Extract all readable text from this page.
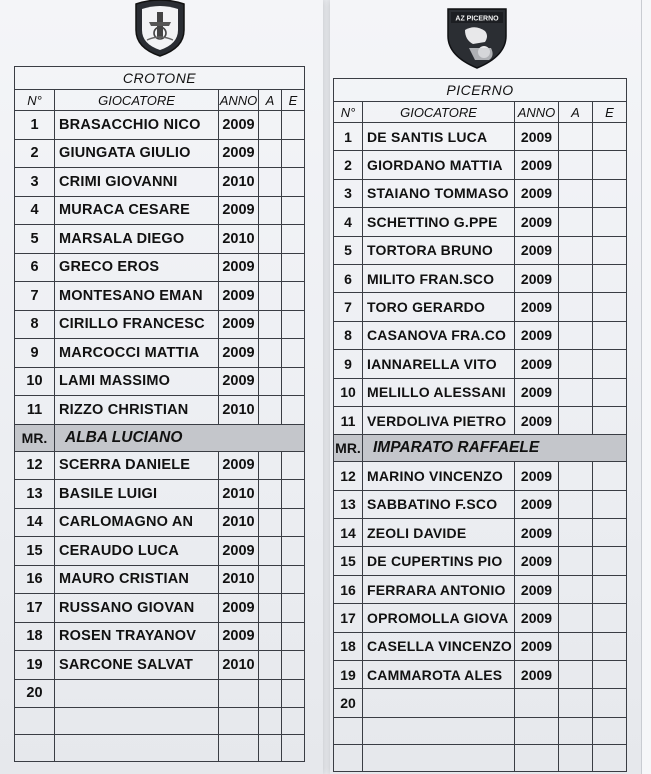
AZ PICERNO
CROTONE				
N°	GIOCATORE	ANNO	A	E
1	BRASACCHIO NICO	2009		
2	GIUNGATA GIULIO	2009		
3	CRIMI GIOVANNI	2010		
4	MURACA CESARE	2009		
5	MARSALA DIEGO	2010		
6	GRECO EROS	2009		
7	MONTESANO EMAN	2009		
8	CIRILLO FRANCESC	2009		
9	MARCOCCI MATTIA	2009		
10	LAMI MASSIMO	2009		
11	RIZZO CHRISTIAN	2010		
MR.	ALBA LUCIANO			
12	SCERRA DANIELE	2009		
13	BASILE LUIGI	2010		
14	CARLOMAGNO AN	2010		
15	CERAUDO LUCA	2009		
16	MAURO CRISTIAN	2010		
17	RUSSANO GIOVAN	2009		
18	ROSEN TRAYANOV	2009		
19	SARCONE SALVAT	2010		
20				

PICERNO				
N°	GIOCATORE	ANNO	A	E
1	DE SANTIS LUCA	2009		
2	GIORDANO MATTIA	2009		
3	STAIANO TOMMASO	2009		
4	SCHETTINO G.PPE	2009		
5	TORTORA BRUNO	2009		
6	MILITO FRAN.SCO	2009		
7	TORO GERARDO	2009		
8	CASANOVA FRA.CO	2009		
9	IANNARELLA VITO	2009		
10	MELILLO ALESSANI	2009		
11	VERDOLIVA PIETRO	2009		
MR.	IMPARATO RAFFAELE			
12	MARINO VINCENZO	2009		
13	SABBATINO F.SCO	2009		
14	ZEOLI DAVIDE	2009		
15	DE CUPERTINS PIO	2009		
16	FERRARA ANTONIO	2009		
17	OPROMOLLA GIOVA	2009		
18	CASELLA VINCENZO	2009		
19	CAMMAROTA ALES	2009		
20				
